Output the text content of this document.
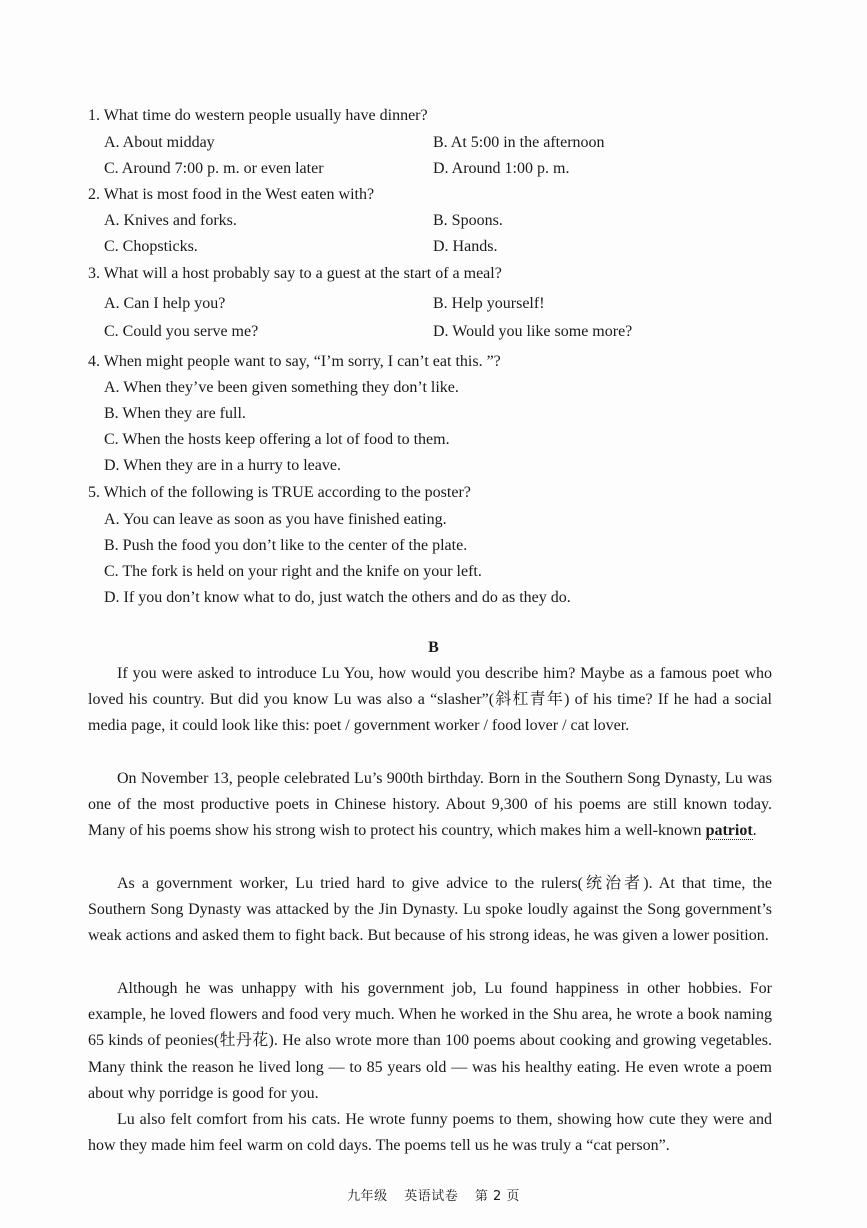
1. What time do western people usually have dinner?
A. About midday	B. At 5:00 in the afternoon
C. Around 7:00 p. m. or even later	D. Around 1:00 p. m.
2. What is most food in the West eaten with?
A. Knives and forks.	B. Spoons.
C. Chopsticks.	D. Hands.
3. What will a host probably say to a guest at the start of a meal?
A. Can I help you?	B. Help yourself!
C. Could you serve me?	D. Would you like some more?
4. When might people want to say, “I’m sorry, I can’t eat this. ”?
A. When they’ve been given something they don’t like.
B. When they are full.
C. When the hosts keep offering a lot of food to them.
D. When they are in a hurry to leave.
5. Which of the following is TRUE according to the poster?
A. You can leave as soon as you have finished eating.
B. Push the food you don’t like to the center of the plate.
C. The fork is held on your right and the knife on your left.
D. If you don’t know what to do, just watch the others and do as they do.
B

If you were asked to introduce Lu You, how would you describe him? Maybe as a famous poet who loved his country. But did you know Lu was also a “slasher”(斜杠青年) of his time? If he had a social media page, it could look like this: poet / government worker / food lover / cat lover.

On November 13, people celebrated Lu’s 900th birthday. Born in the Southern Song Dynasty, Lu was one of the most productive poets in Chinese history. About 9,300 of his poems are still known today. Many of his poems show his strong wish to protect his country, which makes him a well-known patriot.

As a government worker, Lu tried hard to give advice to the rulers(统治者). At that time, the Southern Song Dynasty was attacked by the Jin Dynasty. Lu spoke loudly against the Song government’s weak actions and asked them to fight back. But because of his strong ideas, he was given a lower position.

Although he was unhappy with his government job, Lu found happiness in other hobbies. For example, he loved flowers and food very much. When he worked in the Shu area, he wrote a book naming 65 kinds of peonies(牡丹花). He also wrote more than 100 poems about cooking and growing vegetables. Many think the reason he lived long — to 85 years old — was his healthy eating. He even wrote a poem about why porridge is good for you.

Lu also felt comfort from his cats. He wrote funny poems to them, showing how cute they were and how they made him feel warm on cold days. The poems tell us he was truly a “cat person”.

九年级 英语试卷 第 2 页
